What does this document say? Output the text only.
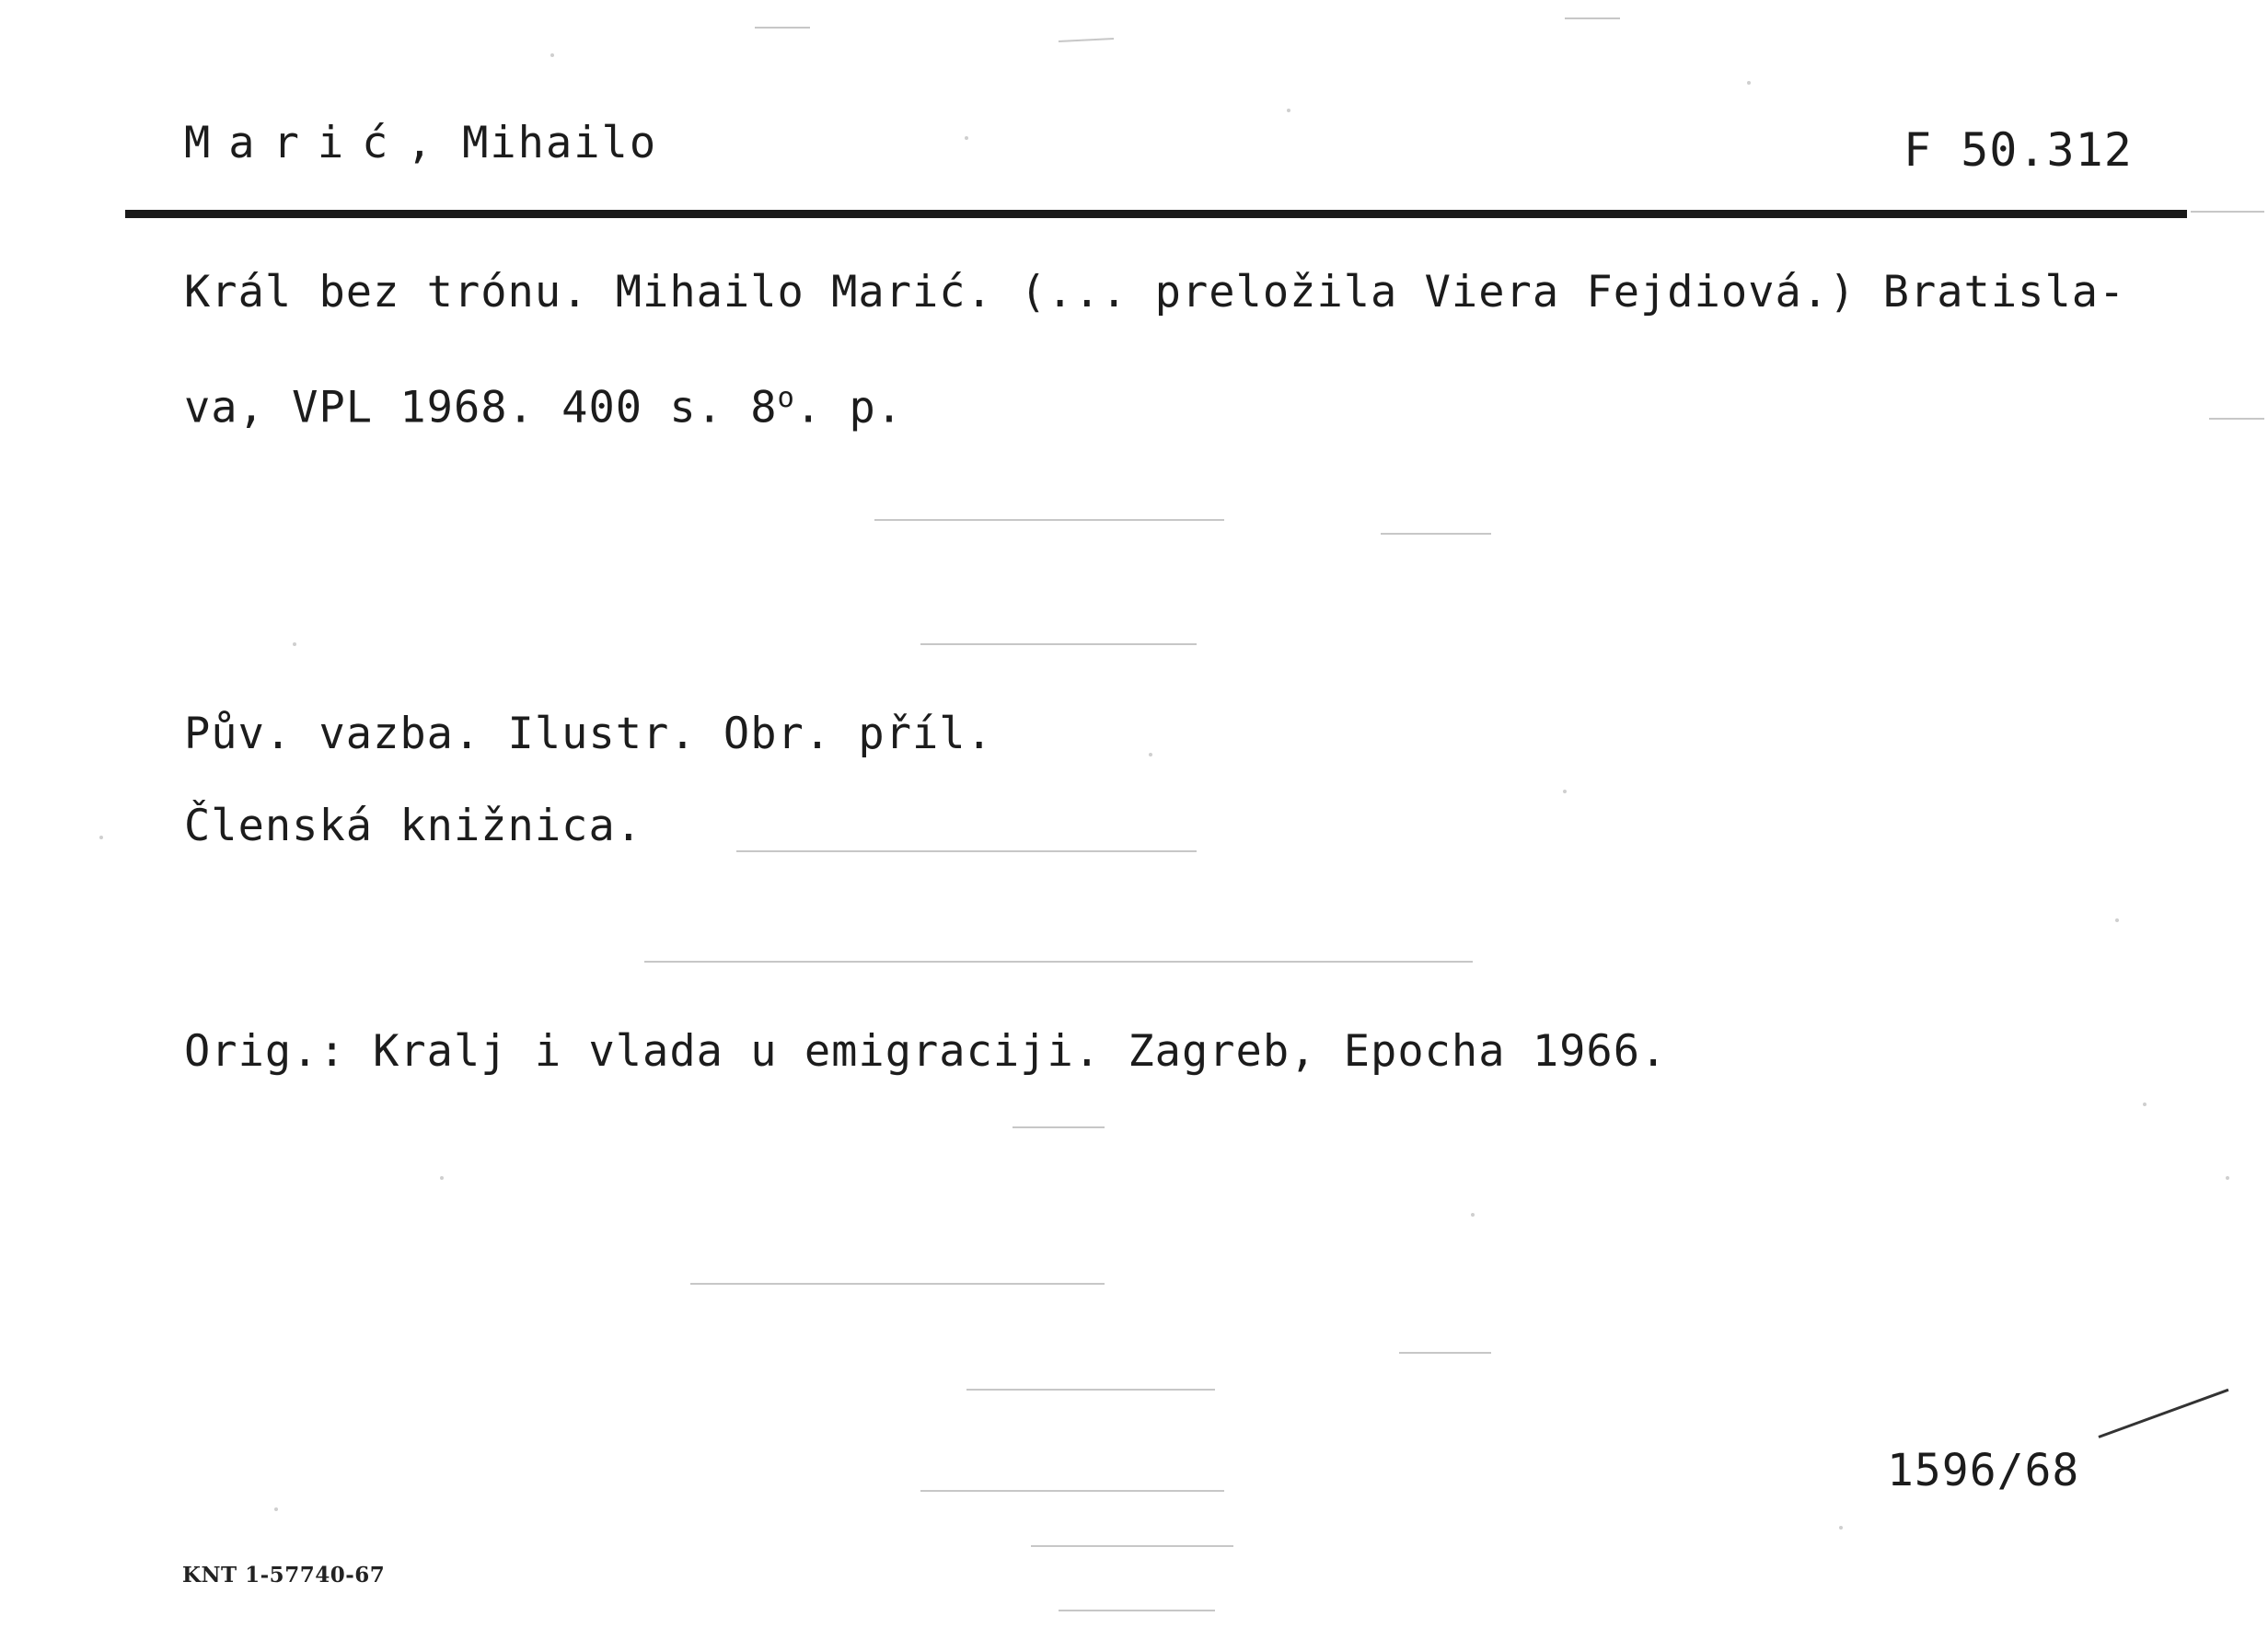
Marić, Mihailo	F 50.312
Král bez trónu. Mihailo Marić. (... preložila Viera Fejdiová.) Bratisla-
va, VPL 1968. 400 s. 8$^o$. p.
Pův. vazba. Ilustr. Obr. příl.
Členská knižnica.
Orig.: Kralj i vlada u emigraciji. Zagreb, Epocha 1966.
1596/68
KNT 1-57740-67
